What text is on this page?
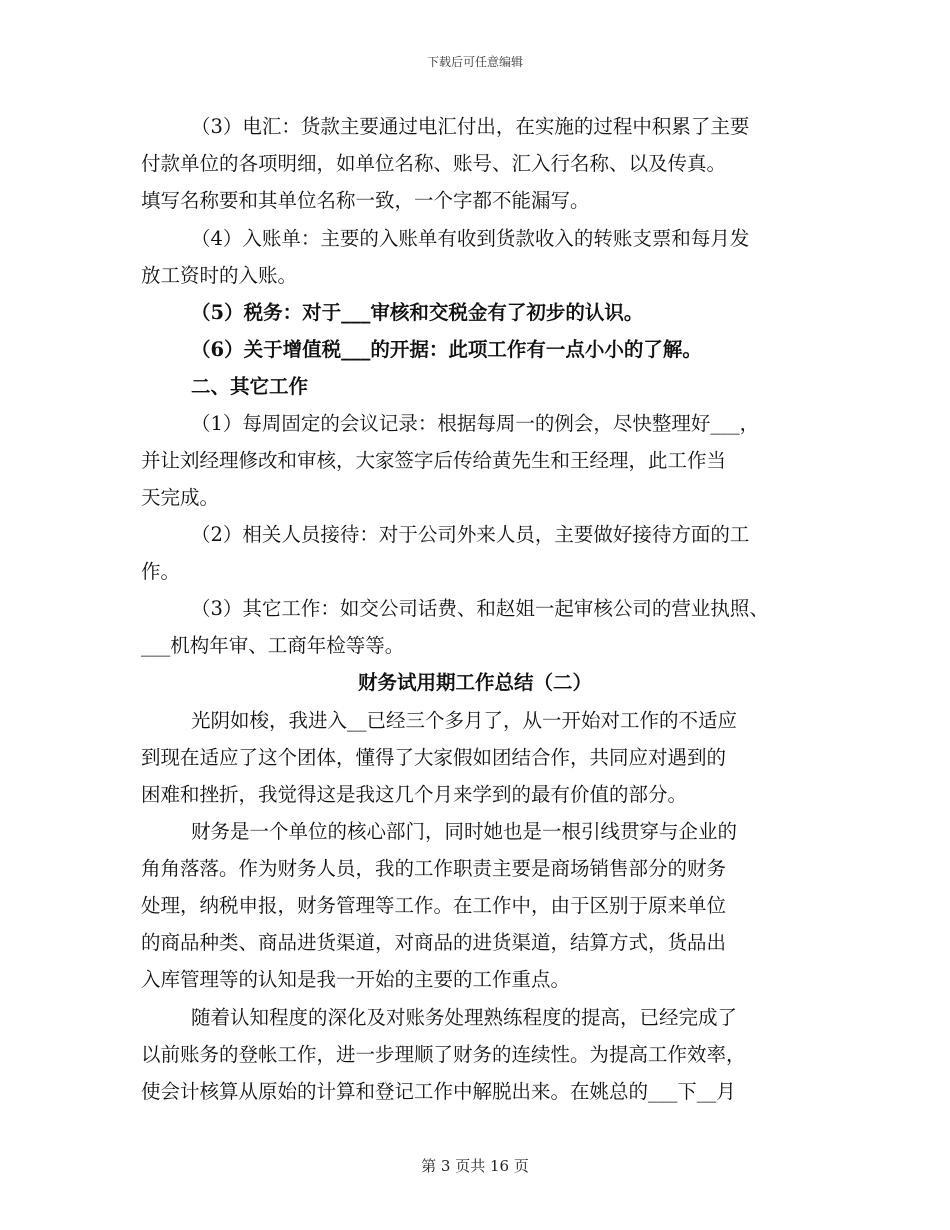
下载后可任意编辑
（3）电汇：货款主要通过电汇付出，在实施的过程中积累了主要
付款单位的各项明细，如单位名称、账号、汇入行名称、以及传真。
填写名称要和其单位名称一致，一个字都不能漏写。
（4）入账单：主要的入账单有收到货款收入的转账支票和每月发
放工资时的入账。
（5）税务：对于___审核和交税金有了初步的认识。
（6）关于增值税___的开据：此项工作有一点小小的了解。
二、其它工作
（1）每周固定的会议记录：根据每周一的例会，尽快整理好___，
并让刘经理修改和审核，大家签字后传给黄先生和王经理，此工作当
天完成。
（2）相关人员接待：对于公司外来人员，主要做好接待方面的工
作。
（3）其它工作：如交公司话费、和赵姐一起审核公司的营业执照、
___机构年审、工商年检等等。
财务试用期工作总结（二）
光阴如梭，我进入__已经三个多月了，从一开始对工作的不适应
到现在适应了这个团体，懂得了大家假如团结合作，共同应对遇到的
困难和挫折，我觉得这是我这几个月来学到的最有价值的部分。
财务是一个单位的核心部门，同时她也是一根引线贯穿与企业的
角角落落。作为财务人员，我的工作职责主要是商场销售部分的财务
处理，纳税申报，财务管理等工作。在工作中，由于区别于原来单位
的商品种类、商品进货渠道，对商品的进货渠道，结算方式，货品出
入库管理等的认知是我一开始的主要的工作重点。
随着认知程度的深化及对账务处理熟练程度的提高，已经完成了
以前账务的登帐工作，进一步理顺了财务的连续性。为提高工作效率，
使会计核算从原始的计算和登记工作中解脱出来。在姚总的___下__月
第 3 页共 16 页
